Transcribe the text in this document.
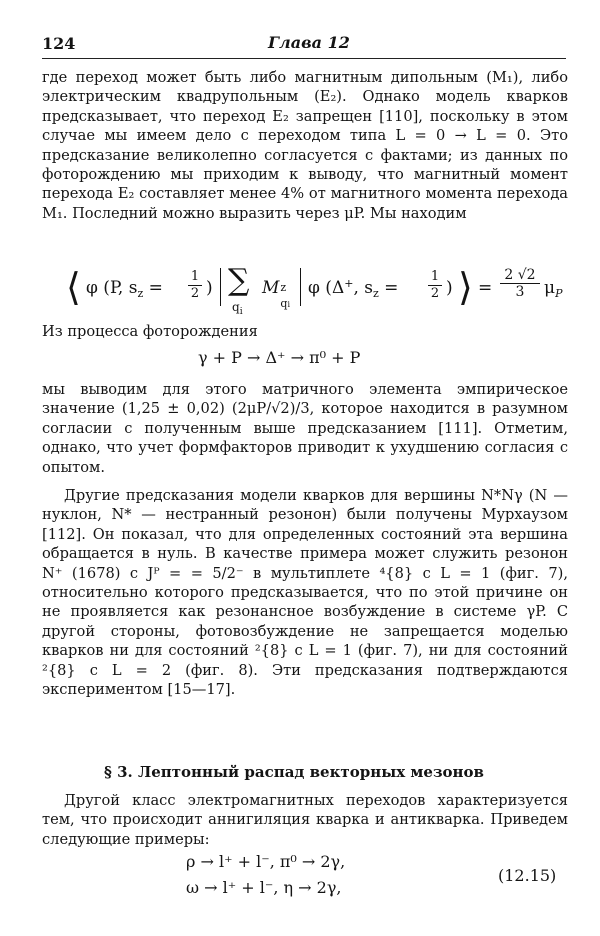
124	Глава 12

где переход может быть либо магнитным дипольным (M₁), либо электрическим квадрупольным (E₂). Однако модель кварков предсказывает, что переход E₂ запрещен [110], поскольку в этом случае мы имеем дело с переходом типа L = 0 → L = 0. Это предсказание великолепно согласуется с фактами; из данных по фоторождению мы приходим к выводу, что магнитный момент перехода E₂ составляет менее 4% от магнитного момента перехода M₁. Последний можно выразить через μP. Мы находим

⟨ φ (P, $s_z$ =
1
2 ) ∑
$q_i$
M z
qi
φ (Δ+, $s_z$ =
1
2 ) ⟩ =
2 √2
3	$\mu_P$

Из процесса фоторождения

γ + P → Δ⁺ → π⁰ + P

мы выводим для этого матричного элемента эмпирическое значение (1,25 ± 0,02) (2μP/√2)/3, которое находится в разумном согласии с полученным выше предсказанием [111]. Отметим, однако, что учет формфакторов приводит к ухудшению согласия с опытом.

Другие предсказания модели кварков для вершины N*Nγ (N — нуклон, N* — нестранный резонон) были получены Мурхаузом [112]. Он показал, что для определенных состояний эта вершина обращается в нуль. В качестве примера может служить резонон N⁺ (1678) с Jᴾ = = 5/2⁻ в мультиплете ⁴{8} с L = 1 (фиг. 7), относительно которого предсказывается, что по этой причине он не проявляется как резонансное возбуждение в системе γP. С другой стороны, фотовозбуждение не запрещается моделью кварков ни для состояний ²{8} с L = 1 (фиг. 7), ни для состояний ²{8} с L = 2 (фиг. 8). Эти предсказания подтверждаются экспериментом [15—17].

§ 3. Лептонный распад векторных мезонов

Другой класс электромагнитных переходов характеризуется тем, что происходит аннигиляция кварка и антикварка. Приведем следующие примеры:

ρ → l⁺ + l⁻, π⁰ → 2γ,
ω → l⁺ + l⁻, η → 2γ,
(12.15)
